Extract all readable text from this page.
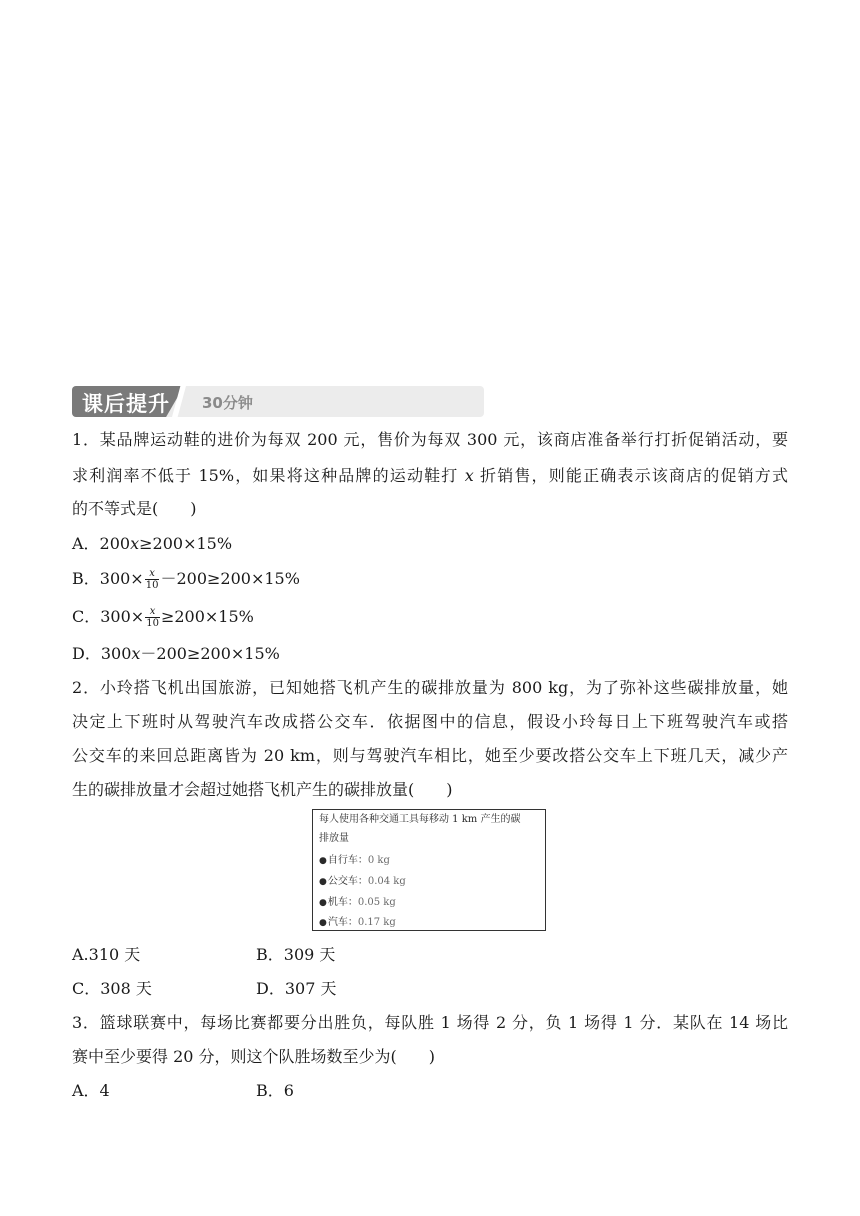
课后提升 30分钟
1．某品牌运动鞋的进价为每双 200 元，售价为每双 300 元，该商店准备举行打折促销活动，要
求利润率不低于 15%，如果将这种品牌的运动鞋打 x 折销售，则能正确表示该商店的促销方式
的不等式是(　　)
A．200x≥200×15%
B．$300\times \frac{x}{10} -200\ge 200\times 15\%$
C．$300\times \frac{x}{10} \ge 200\times 15\%$
D．300x－200≥200×15%
2．小玲搭飞机出国旅游，已知她搭飞机产生的碳排放量为 800 kg，为了弥补这些碳排放量，她
决定上下班时从驾驶汽车改成搭公交车．依据图中的信息，假设小玲每日上下班驾驶汽车或搭
公交车的来回总距离皆为 20 km，则与驾驶汽车相比，她至少要改搭公交车上下班几天，减少产
生的碳排放量才会超过她搭飞机产生的碳排放量(　　)
每人使用各种交通工具每移动 1 km 产生的碳
排放量
●自行车：0 kg
●公交车：0.04 kg
●机车：0.05 kg
●汽车：0.17 kg
A.310 天	B．309 天
C．308 天	D．307 天
3．篮球联赛中，每场比赛都要分出胜负，每队胜 1 场得 2 分，负 1 场得 1 分．某队在 14 场比
赛中至少要得 20 分，则这个队胜场数至少为(　　)
A．4	B．6
